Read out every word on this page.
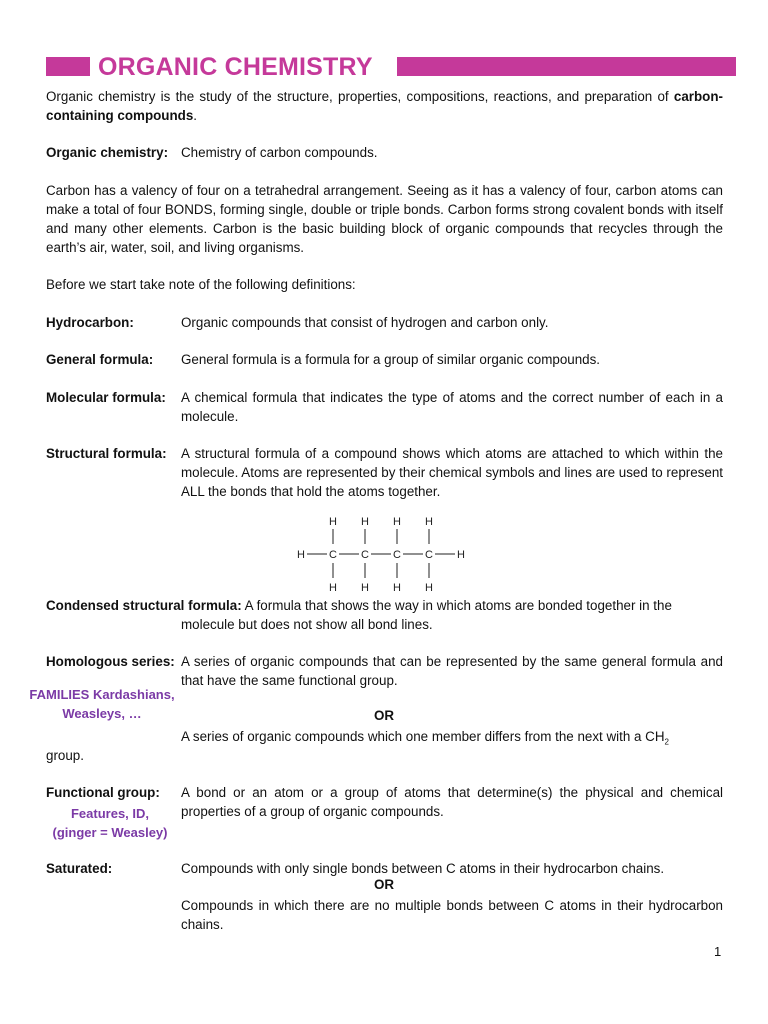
ORGANIC CHEMISTRY
Organic chemistry is the study of the structure, properties, compositions, reactions, and preparation of carbon-containing compounds.
Organic chemistry: Chemistry of carbon compounds.
Carbon has a valency of four on a tetrahedral arrangement. Seeing as it has a valency of four, carbon atoms can make a total of four BONDS, forming single, double or triple bonds. Carbon forms strong covalent bonds with itself and many other elements. Carbon is the basic building block of organic compounds that recycles through the earth’s air, water, soil, and living organisms.
Before we start take note of the following definitions:
Hydrocarbon:	Organic compounds that consist of hydrogen and carbon only.
General formula: General formula is a formula for a group of similar organic compounds.
Molecular formula: A chemical formula that indicates the type of atoms and the correct number of each in a molecule.
Structural formula: A structural formula of a compound shows which atoms are attached to which within the molecule. Atoms are represented by their chemical symbols and lines are used to represent ALL the bonds that hold the atoms together.
H
C
H
H
C
H
H
C
H
H
C
H
H	H
Condensed structural formula: A formula that shows the way in which atoms are bonded together in the
molecule but does not show all bond lines.
Homologous series: A series of organic compounds that can be represented by the same general formula and that have the same functional group.
FAMILIES Kardashians, Weasleys, …	OR
A series of organic compounds which one member differs from the next with a $CH_2$
group.
Functional group: A bond or an atom or a group of atoms that determine(s) the physical and chemical properties of a group of organic compounds.
Features, ID,
(ginger = Weasley)
Saturated:	Compounds with only single bonds between C atoms in their hydrocarbon chains.
OR
Compounds in which there are no multiple bonds between C atoms in their hydrocarbon chains.
1
